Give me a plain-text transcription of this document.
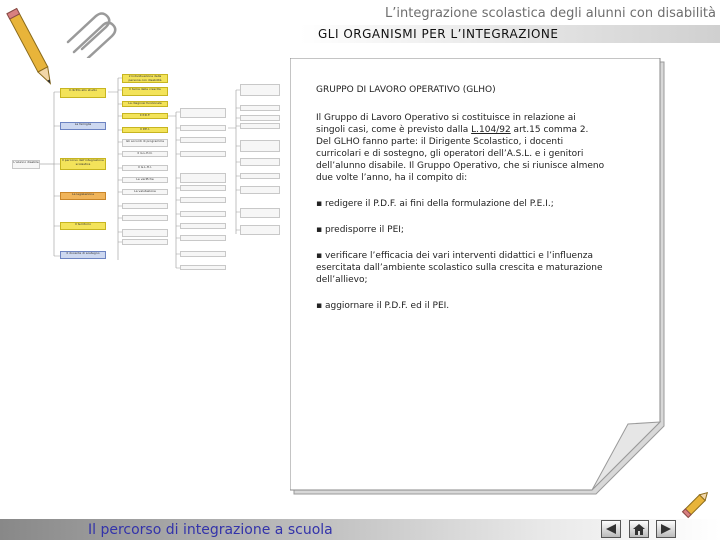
L’integrazione scolastica degli alunni con disabilità
GLI ORGANISMI PER L’INTEGRAZIONE
L’alunno disabile
Il diritto allo studio
La famiglia
Il percorso dell’integrazione scolastica
La legislazione
Il territorio
Il docente di sostegno
L’individuazione della persona con disabilità
Il tema della crescita
La diagnosi funzionale
Il P.D.F.
Il P.E.I.
Gli accordi di programma
Il G.L.H.O.
Il G.L.H.I.
Le verifiche
La valutazione

GRUPPO DI LAVORO OPERATIVO (GLHO)

Il Gruppo di Lavoro Operativo si costituisce in relazione ai singoli casi, come è previsto dalla L.104/92 art.15 comma 2. Del GLHO fanno parte: il Dirigente Scolastico, i docenti curricolari e di sostegno, gli operatori dell’A.S.L. e i genitori dell’alunno disabile. Il Gruppo Operativo, che si riunisce almeno due volte l’anno, ha il compito di:

▪ redigere il P.D.F. ai fini della formulazione del P.E.I.;

▪ predisporre il PEI;

▪ verificare l’efficacia dei vari interventi didattici e l’influenza esercitata dall’ambiente scolastico sulla crescita e maturazione dell’allievo;

▪ aggiornare il P.D.F. ed il PEI.

Il percorso di integrazione a scuola
